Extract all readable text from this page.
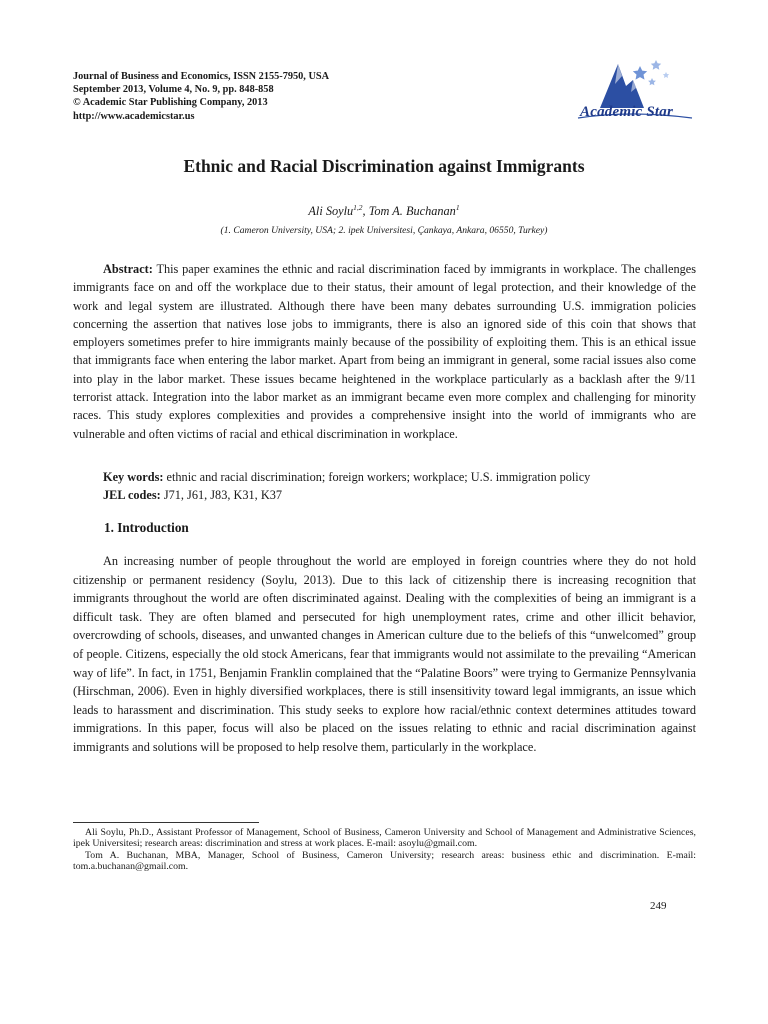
Journal of Business and Economics, ISSN 2155-7950, USA
September 2013, Volume 4, No. 9, pp. 848-858
© Academic Star Publishing Company, 2013
http://www.academicstar.us	Academic Star
Ethnic and Racial Discrimination against Immigrants
Ali Soylu$^{1,2}$, Tom A. Buchanan$^1$
(1. Cameron University, USA; 2. ipek Universitesi, Çankaya, Ankara, 06550, Turkey)

Abstract: This paper examines the ethnic and racial discrimination faced by immigrants in workplace. The challenges immigrants face on and off the workplace due to their status, their amount of legal protection, and their knowledge of the work and legal system are illustrated. Although there have been many debates surrounding U.S. immigration policies concerning the assertion that natives lose jobs to immigrants, there is also an ignored side of this coin that shows that employers sometimes prefer to hire immigrants mainly because of the possibility of exploiting them. This is an ethical issue that immigrants face when entering the labor market. Apart from being an immigrant in general, some racial issues also come into play in the labor market. These issues became heightened in the workplace particularly as a backlash after the 9/11 terrorist attack. Integration into the labor market as an immigrant became even more complex and challenging for minority races. This study explores complexities and provides a comprehensive insight into the world of immigrants who are vulnerable and often victims of racial and ethical discrimination in workplace.

Key words: ethnic and racial discrimination; foreign workers; workplace; U.S. immigration policy
JEL codes: J71, J61, J83, K31, K37
1. Introduction

An increasing number of people throughout the world are employed in foreign countries where they do not hold citizenship or permanent residency (Soylu, 2013). Due to this lack of citizenship there is increasing recognition that immigrants throughout the world are often discriminated against. Dealing with the complexities of being an immigrant is a difficult task. They are often blamed and persecuted for high unemployment rates, crime and other illicit behavior, overcrowding of schools, diseases, and unwanted changes in American culture due to the beliefs of this “unwelcomed” group of people. Citizens, especially the old stock Americans, fear that immigrants would not assimilate to the prevailing “American way of life”. In fact, in 1751, Benjamin Franklin complained that the “Palatine Boors” were trying to Germanize Pennsylvania (Hirschman, 2006). Even in highly diversified workplaces, there is still insensitivity toward legal immigrants, an issue which leads to harassment and discrimination. This study seeks to explore how racial/ethnic context determines attitudes toward immigrations. In this paper, focus will also be placed on the issues relating to ethnic and racial discrimination against immigrants and solutions will be proposed to help resolve them, particularly in the workplace.

Ali Soylu, Ph.D., Assistant Professor of Management, School of Business, Cameron University and School of Management and Administrative Sciences, ipek Universitesi; research areas: discrimination and stress at work places. E-mail: asoylu@gmail.com.

Tom A. Buchanan, MBA, Manager, School of Business, Cameron University; research areas: business ethic and discrimination. E-mail: tom.a.buchanan@gmail.com.

249
